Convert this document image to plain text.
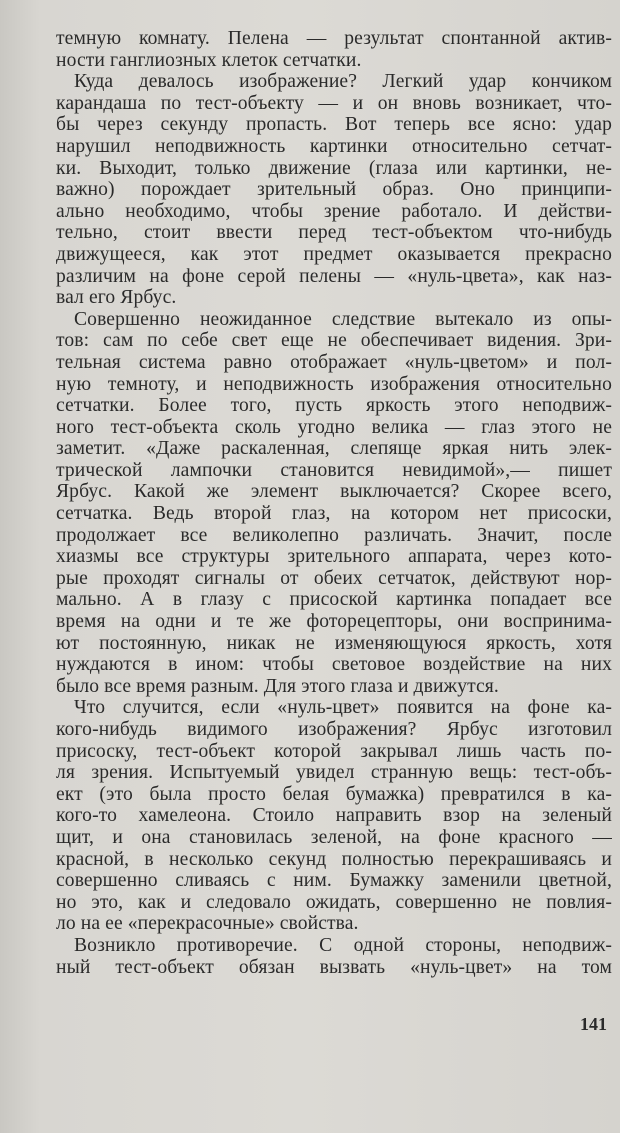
темную комнату. Пелена — результат спонтанной актив-
ности ганглиозных клеток сетчатки.
Куда девалось изображение? Легкий удар кончиком
карандаша по тест-объекту — и он вновь возникает, что-
бы через секунду пропасть. Вот теперь все ясно: удар
нарушил неподвижность картинки относительно сетчат-
ки. Выходит, только движение (глаза или картинки, не-
важно) порождает зрительный образ. Оно принципи-
ально необходимо, чтобы зрение работало. И действи-
тельно, стоит ввести перед тест-объектом что-нибудь
движущееся, как этот предмет оказывается прекрасно
различим на фоне серой пелены — «нуль-цвета», как наз-
вал его Ярбус.
Совершенно неожиданное следствие вытекало из опы-
тов: сам по себе свет еще не обеспечивает видения. Зри-
тельная система равно отображает «нуль-цветом» и пол-
ную темноту, и неподвижность изображения относительно
сетчатки. Более того, пусть яркость этого неподвиж-
ного тест-объекта сколь угодно велика — глаз этого не
заметит. «Даже раскаленная, слепяще яркая нить элек-
трической лампочки становится невидимой»,— пишет
Ярбус. Какой же элемент выключается? Скорее всего,
сетчатка. Ведь второй глаз, на котором нет присоски,
продолжает все великолепно различать. Значит, после
хиазмы все структуры зрительного аппарата, через кото-
рые проходят сигналы от обеих сетчаток, действуют нор-
мально. А в глазу с присоской картинка попадает все
время на одни и те же фоторецепторы, они воспринима-
ют постоянную, никак не изменяющуюся яркость, хотя
нуждаются в ином: чтобы световое воздействие на них
было все время разным. Для этого глаза и движутся.
Что случится, если «нуль-цвет» появится на фоне ка-
кого-нибудь видимого изображения? Ярбус изготовил
присоску, тест-объект которой закрывал лишь часть по-
ля зрения. Испытуемый увидел странную вещь: тест-объ-
ект (это была просто белая бумажка) превратился в ка-
кого-то хамелеона. Стоило направить взор на зеленый
щит, и она становилась зеленой, на фоне красного —
красной, в несколько секунд полностью перекрашиваясь и
совершенно сливаясь с ним. Бумажку заменили цветной,
но это, как и следовало ожидать, совершенно не повлия-
ло на ее «перекрасочные» свойства.
Возникло противоречие. С одной стороны, неподвиж-
ный тест-объект обязан вызвать «нуль-цвет» на том
141
